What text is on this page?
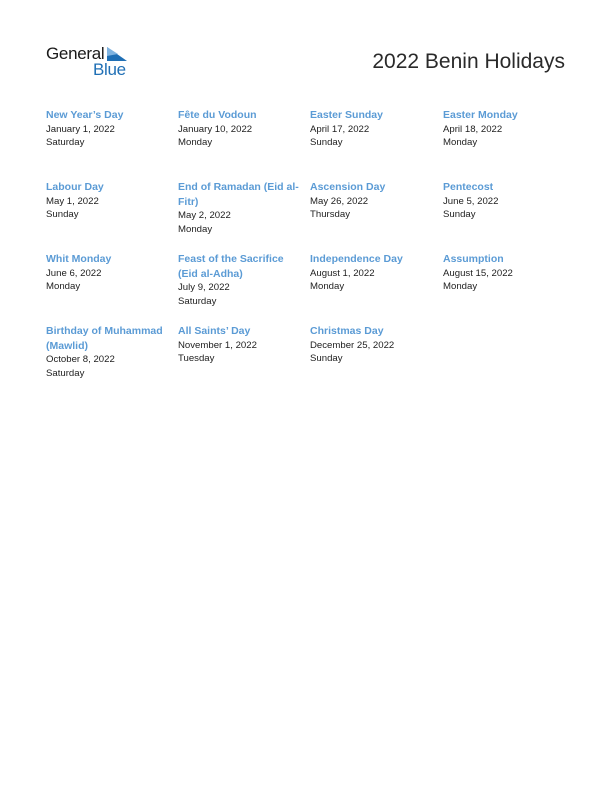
General
Blue	2022 Benin Holidays
New Year’s Day
January 1, 2022
Saturday
Fête du Vodoun
January 10, 2022
Monday
Easter Sunday
April 17, 2022
Sunday
Easter Monday
April 18, 2022
Monday
Labour Day
May 1, 2022
Sunday
End of Ramadan (Eid al-Fitr)
May 2, 2022
Monday
Ascension Day
May 26, 2022
Thursday
Pentecost
June 5, 2022
Sunday
Whit Monday
June 6, 2022
Monday
Feast of the Sacrifice (Eid al-Adha)
July 9, 2022
Saturday
Independence Day
August 1, 2022
Monday
Assumption
August 15, 2022
Monday
Birthday of Muhammad (Mawlid)
October 8, 2022
Saturday
All Saints’ Day
November 1, 2022
Tuesday
Christmas Day
December 25, 2022
Sunday
